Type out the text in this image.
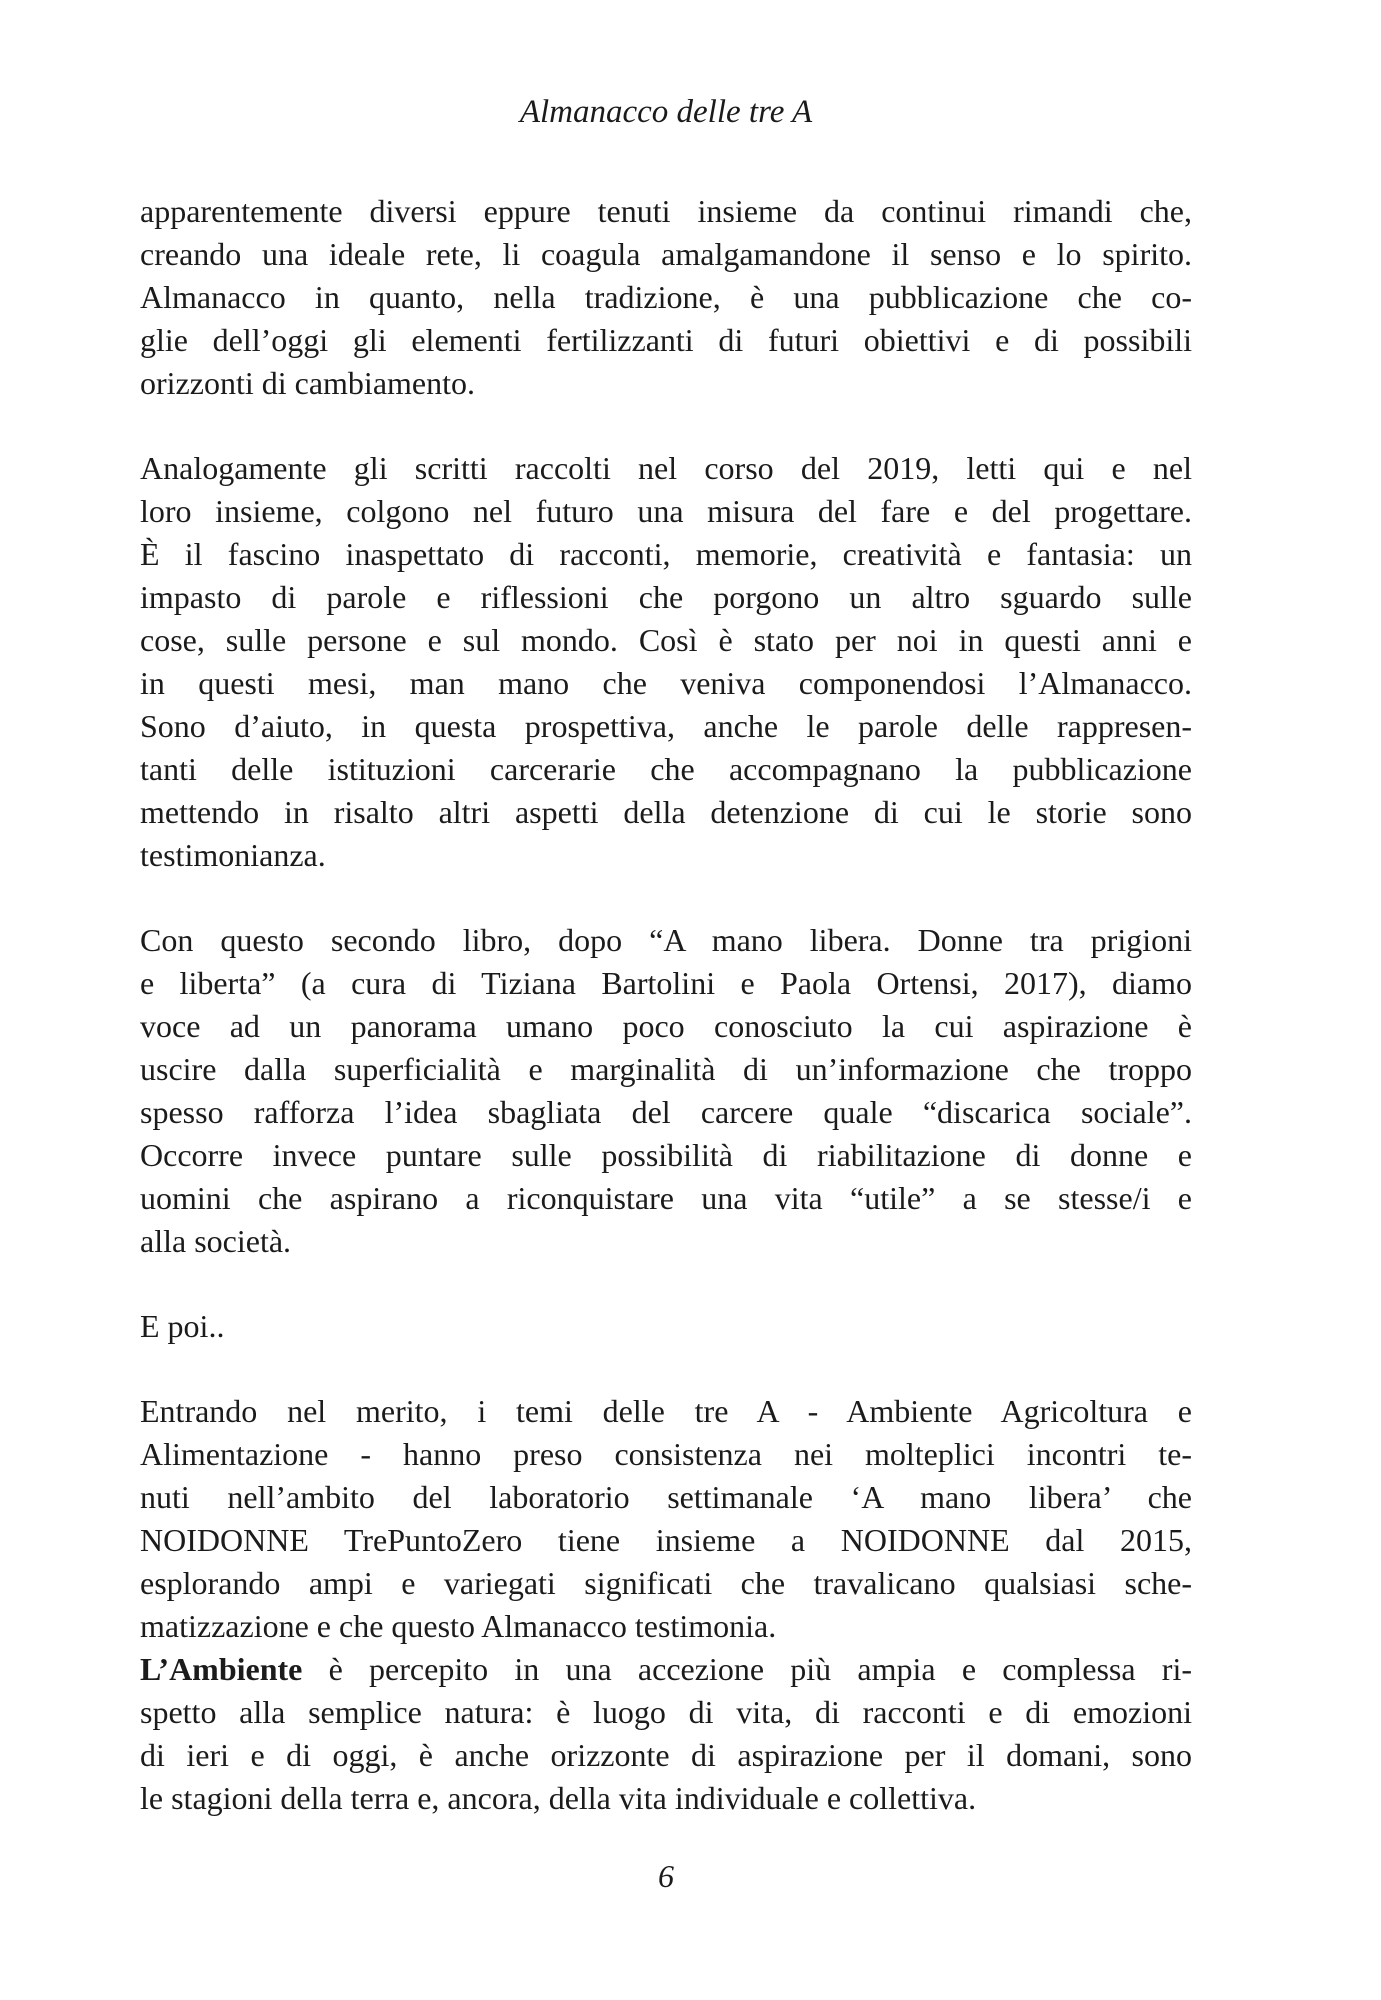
Almanacco delle tre A
apparentemente diversi eppure tenuti insieme da continui rimandi che,
creando una ideale rete, li coagula amalgamandone il senso e lo spirito.
Almanacco in quanto, nella tradizione, è una pubblicazione che co-
glie dell’oggi gli elementi fertilizzanti di futuri obiettivi e di possibili
orizzonti di cambiamento.
Analogamente gli scritti raccolti nel corso del 2019, letti qui e nel
loro insieme, colgono nel futuro una misura del fare e del progettare.
È il fascino inaspettato di racconti, memorie, creatività e fantasia: un
impasto di parole e riflessioni che porgono un altro sguardo sulle
cose, sulle persone e sul mondo. Così è stato per noi in questi anni e
in questi mesi, man mano che veniva componendosi l’Almanacco.
Sono d’aiuto, in questa prospettiva, anche le parole delle rappresen-
tanti delle istituzioni carcerarie che accompagnano la pubblicazione
mettendo in risalto altri aspetti della detenzione di cui le storie sono
testimonianza.
Con questo secondo libro, dopo “A mano libera. Donne tra prigioni
e liberta” (a cura di Tiziana Bartolini e Paola Ortensi, 2017), diamo
voce ad un panorama umano poco conosciuto la cui aspirazione è
uscire dalla superficialità e marginalità di un’informazione che troppo
spesso rafforza l’idea sbagliata del carcere quale “discarica sociale”.
Occorre invece puntare sulle possibilità di riabilitazione di donne e
uomini che aspirano a riconquistare una vita “utile” a se stesse/i e
alla società.
E poi..
Entrando nel merito, i temi delle tre A - Ambiente Agricoltura e
Alimentazione - hanno preso consistenza nei molteplici incontri te-
nuti nell’ambito del laboratorio settimanale ‘A mano libera’ che
NOIDONNE TrePuntoZero tiene insieme a NOIDONNE dal 2015,
esplorando ampi e variegati significati che travalicano qualsiasi sche-
matizzazione e che questo Almanacco testimonia.
L’Ambiente è percepito in una accezione più ampia e complessa ri-
spetto alla semplice natura: è luogo di vita, di racconti e di emozioni
di ieri e di oggi, è anche orizzonte di aspirazione per il domani, sono
le stagioni della terra e, ancora, della vita individuale e collettiva.
6
